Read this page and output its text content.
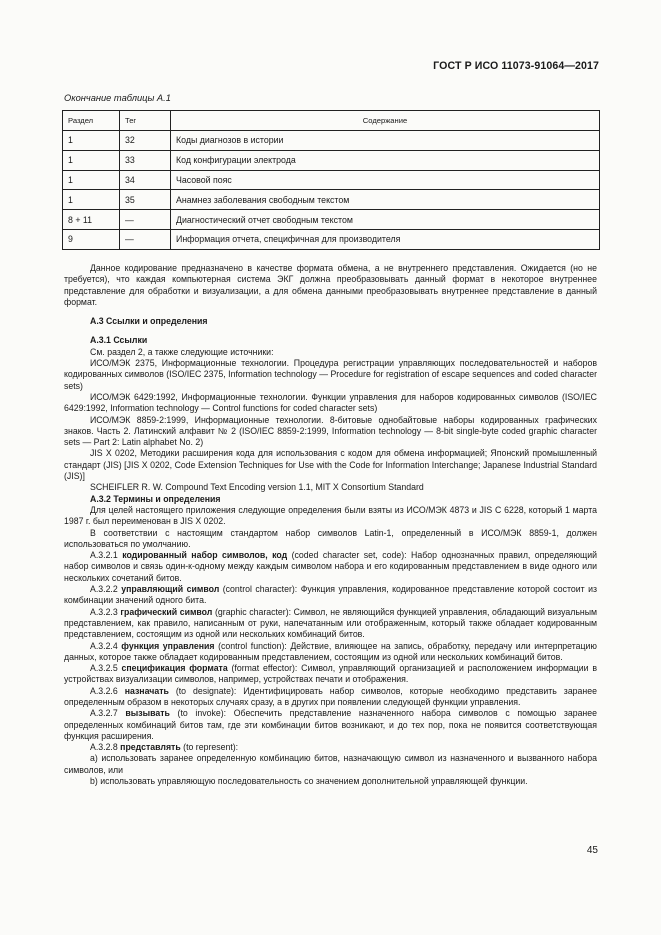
ГОСТ Р ИСО 11073-91064—2017
Окончание таблицы А.1
Раздел	Тег	Содержание
1	32	Коды диагнозов в истории
1	33	Код конфигурации электрода
1	34	Часовой пояс
1	35	Анамнез заболевания свободным текстом
8 + 11	—	Диагностический отчет свободным текстом
9	—	Информация отчета, специфичная для производителя

Данное кодирование предназначено в качестве формата обмена, а не внутреннего представления. Ожидается (но не требуется), что каждая компьютерная система ЭКГ должна преобразовывать данный формат в некоторое внутреннее представление для обработки и визуализации, а для обмена данными преобразовывать внутреннее представление в данный формат.

А.3 Ссылки и определения

А.3.1 Ссылки

См. раздел 2, а также следующие источники:

ИСО/МЭК 2375, Информационные технологии. Процедура регистрации управляющих последовательностей и наборов кодированных символов (ISO/IEC 2375, Information technology — Procedure for registration of escape sequences and coded character sets)

ИСО/МЭК 6429:1992, Информационные технологии. Функции управления для наборов кодированных символов (ISO/IEC 6429:1992, Information technology — Control functions for coded character sets)

ИСО/МЭК 8859-2:1999, Информационные технологии. 8-битовые однобайтовые наборы кодированных графических знаков. Часть 2. Латинский алфавит № 2 (ISO/IEC 8859-2:1999, Information technology — 8-bit single-byte coded graphic character sets — Part 2: Latin alphabet No. 2)

JIS X 0202, Методики расширения кода для использования с кодом для обмена информацией; Японский промышленный стандарт (JIS) [JIS X 0202, Code Extension Techniques for Use with the Code for Information Interchange; Japanese Industrial Standard (JIS)]

SCHEIFLER R. W. Compound Text Encoding version 1.1, MIT X Consortium Standard

А.3.2 Термины и определения

Для целей настоящего приложения следующие определения были взяты из ИСО/МЭК 4873 и JIS C 6228, который 1 марта 1987 г. был переименован в JIS X 0202.

В соответствии с настоящим стандартом набор символов Latin-1, определенный в ИСО/МЭК 8859-1, должен использоваться по умолчанию.

А.3.2.1 кодированный набор символов, код (coded character set, code): Набор однозначных правил, определяющий набор символов и связь один-к-одному между каждым символом набора и его кодированным представлением в виде одного или нескольких сочетаний битов.

А.3.2.2 управляющий символ (control character): Функция управления, кодированное представление которой состоит из комбинации значений одного бита.

А.3.2.3 графический символ (graphic character): Символ, не являющийся функцией управления, обладающий визуальным представлением, как правило, написанным от руки, напечатанным или отображенным, который также обладает кодированным представлением, состоящим из одной или нескольких комбинаций битов.

А.3.2.4 функция управления (control function): Действие, влияющее на запись, обработку, передачу или интерпретацию данных, которое также обладает кодированным представлением, состоящим из одной или нескольких комбинаций битов.

А.3.2.5 спецификация формата (format effector): Символ, управляющий организацией и расположением информации в устройствах визуализации символов, например, устройствах печати и отображения.

А.3.2.6 назначать (to designate): Идентифицировать набор символов, которые необходимо представить заранее определенным образом в некоторых случаях сразу, а в других при появлении следующей функции управления.

А.3.2.7 вызывать (to invoke): Обеспечить представление назначенного набора символов с помощью заранее определенных комбинаций битов там, где эти комбинации битов возникают, и до тех пор, пока не появится соответствующая функция расширения.

А.3.2.8 представлять (to represent):

a) использовать заранее определенную комбинацию битов, назначающую символ из назначенного и вызванного набора символов, или

b) использовать управляющую последовательность со значением дополнительной управляющей функции.

45
